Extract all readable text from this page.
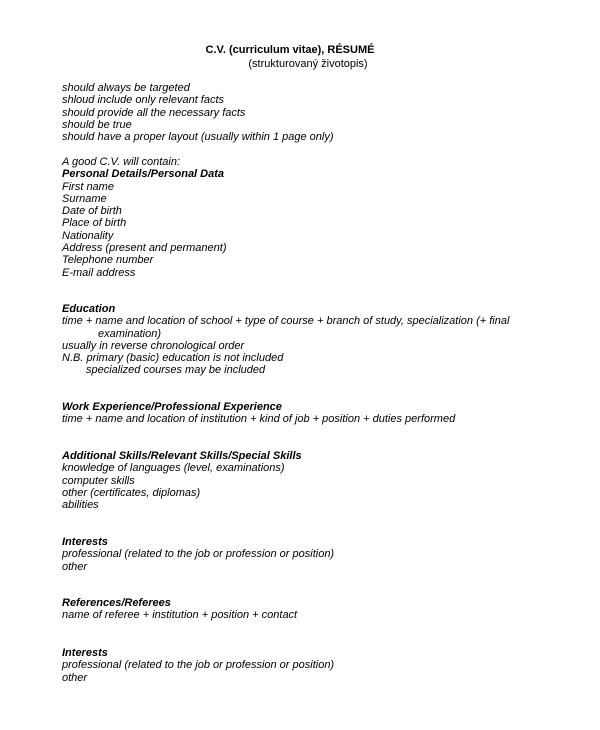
C.V. (curriculum vitae), RÉSUMÉ
(strukturovaný životopis)
should always be targeted
shloud include only relevant facts
should provide all the necessary facts
should be true
should have a proper layout (usually within 1 page only)
A good C.V. will contain:
Personal Details/Personal Data
First name
Surname
Date of birth
Place of birth
Nationality
Address (present and permanent)
Telephone number
E-mail address
Education
time + name and location of school + type of course + branch of study, specialization (+ final
examination)
usually in reverse chronological order
N.B. primary (basic) education is not included
specialized courses may be included
Work Experience/Professional Experience
time + name and location of institution + kind of job + position + duties performed
Additional Skills/Relevant Skills/Special Skills
knowledge of languages (level, examinations)
computer skills
other (certificates, diplomas)
abilities
Interests
professional (related to the job or profession or position)
other
References/Referees
name of referee + institution + position + contact
Interests
professional (related to the job or profession or position)
other
